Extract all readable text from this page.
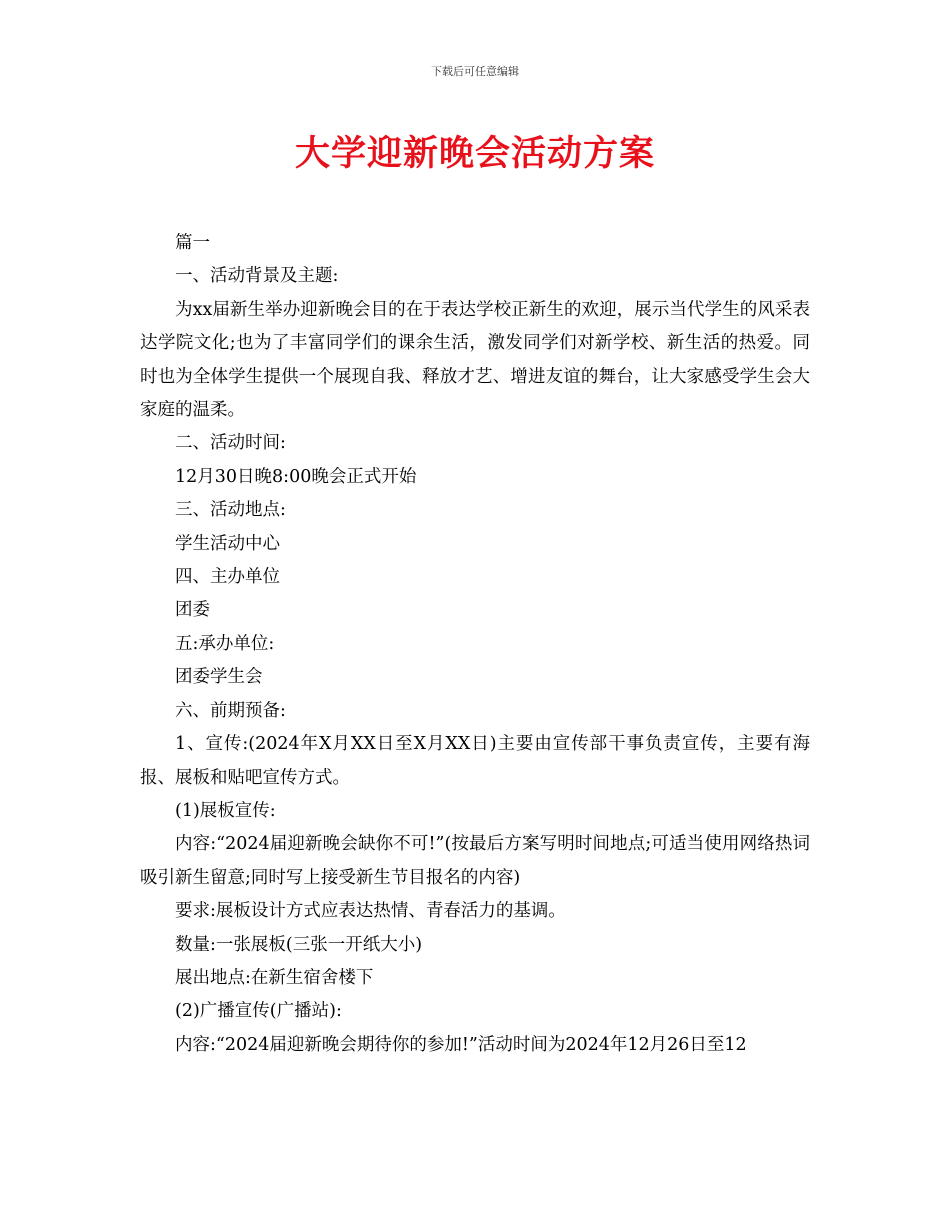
下载后可任意编辑
大学迎新晚会活动方案

篇一

一、活动背景及主题:

为xx届新生举办迎新晚会目的在于表达学校正新生的欢迎，展示当代学生的风采表达学院文化;也为了丰富同学们的课余生活，激发同学们对新学校、新生活的热爱。同时也为全体学生提供一个展现自我、释放才艺、增进友谊的舞台，让大家感受学生会大家庭的温柔。

二、活动时间:

12月30日晚8:00晚会正式开始

三、活动地点:

学生活动中心

四、主办单位

团委

五:承办单位:

团委学生会

六、前期预备:

1、宣传:(2024年X月XX日至X月XX日)主要由宣传部干事负责宣传，主要有海报、展板和贴吧宣传方式。

(1)展板宣传:

内容:“2024届迎新晚会缺你不可!”(按最后方案写明时间地点;可适当使用网络热词吸引新生留意;同时写上接受新生节目报名的内容)

要求:展板设计方式应表达热情、青春活力的基调。

数量:一张展板(三张一开纸大小)

展出地点:在新生宿舍楼下

(2)广播宣传(广播站):

内容:“2024届迎新晚会期待你的参加!”活动时间为2024年12月26日至12
